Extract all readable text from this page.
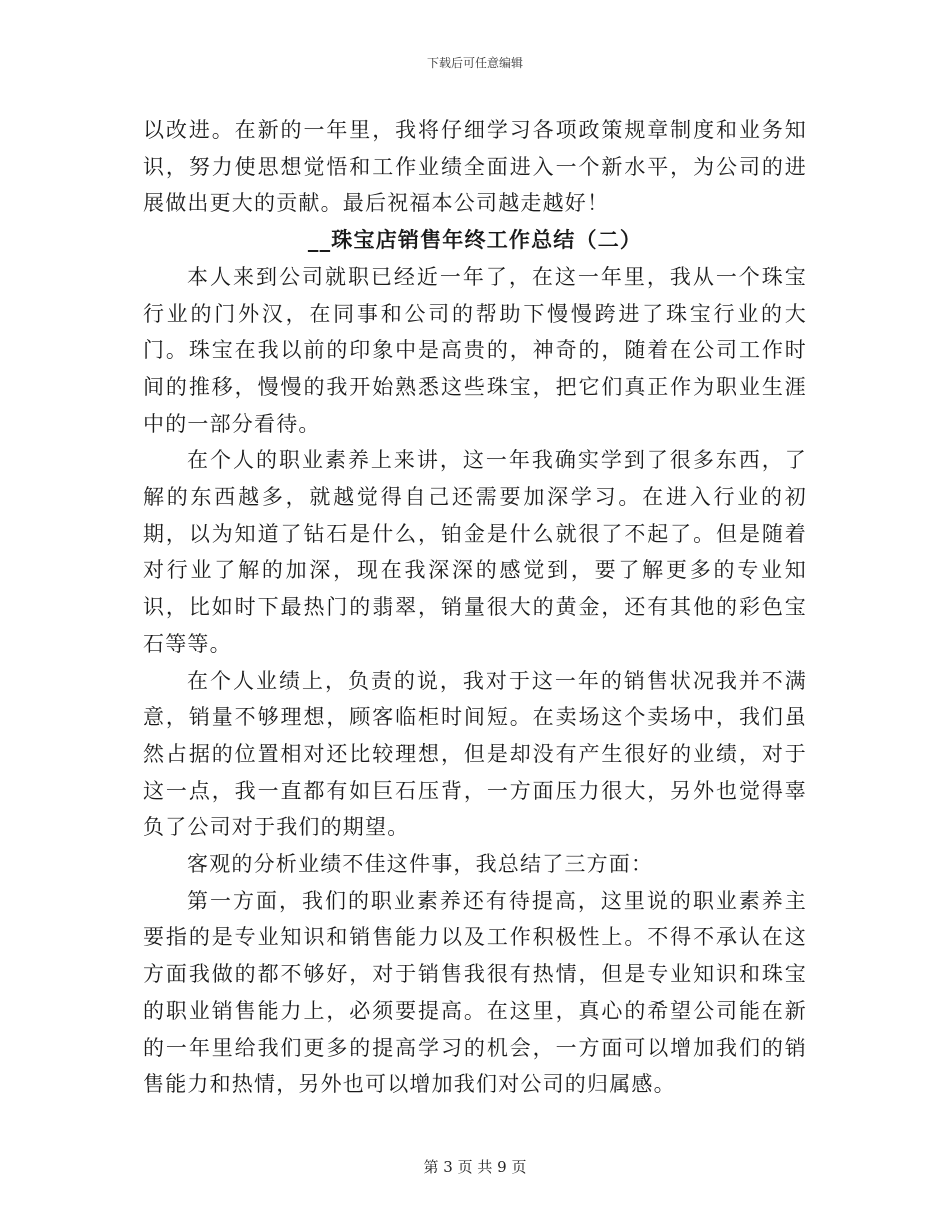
下载后可任意编辑

以改进。在新的一年里，我将仔细学习各项政策规章制度和业务知识，努力使思想觉悟和工作业绩全面进入一个新水平，为公司的进展做出更大的贡献。最后祝福本公司越走越好！

__珠宝店销售年终工作总结（二）

本人来到公司就职已经近一年了，在这一年里，我从一个珠宝行业的门外汉，在同事和公司的帮助下慢慢跨进了珠宝行业的大门。珠宝在我以前的印象中是高贵的，神奇的，随着在公司工作时间的推移，慢慢的我开始熟悉这些珠宝，把它们真正作为职业生涯中的一部分看待。

在个人的职业素养上来讲，这一年我确实学到了很多东西，了解的东西越多，就越觉得自己还需要加深学习。在进入行业的初期，以为知道了钻石是什么，铂金是什么就很了不起了。但是随着对行业了解的加深，现在我深深的感觉到，要了解更多的专业知识，比如时下最热门的翡翠，销量很大的黄金，还有其他的彩色宝石等等。

在个人业绩上，负责的说，我对于这一年的销售状况我并不满意，销量不够理想，顾客临柜时间短。在卖场这个卖场中，我们虽然占据的位置相对还比较理想，但是却没有产生很好的业绩，对于这一点，我一直都有如巨石压背，一方面压力很大，另外也觉得辜负了公司对于我们的期望。

客观的分析业绩不佳这件事，我总结了三方面：

第一方面，我们的职业素养还有待提高，这里说的职业素养主要指的是专业知识和销售能力以及工作积极性上。不得不承认在这方面我做的都不够好，对于销售我很有热情，但是专业知识和珠宝的职业销售能力上，必须要提高。在这里，真心的希望公司能在新的一年里给我们更多的提高学习的机会，一方面可以增加我们的销售能力和热情，另外也可以增加我们对公司的归属感。

第 3 页 共 9 页
